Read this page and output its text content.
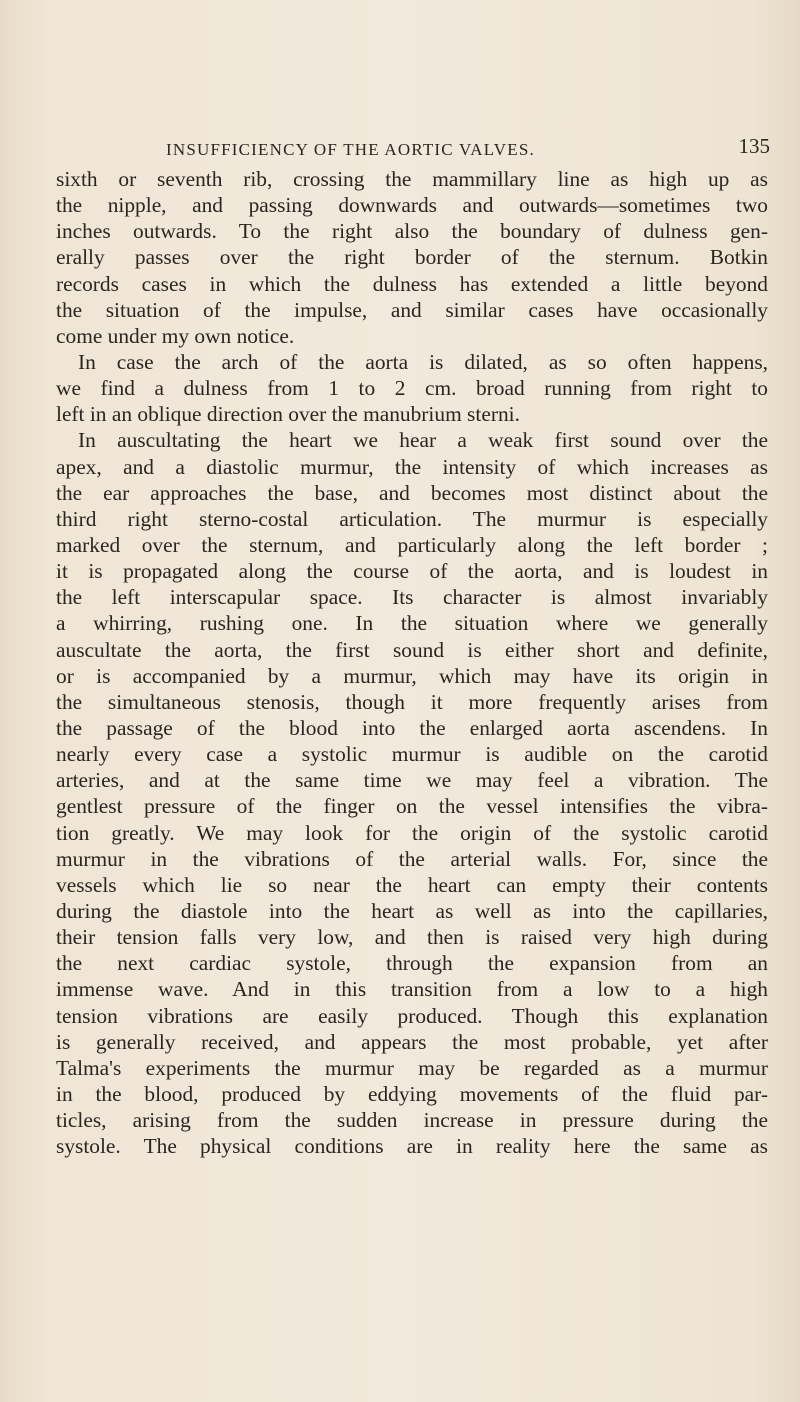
INSUFFICIENCY OF THE AORTIC VALVES.	135
sixth or seventh rib, crossing the mammillary line as high up as
the nipple, and passing downwards and outwards—sometimes two
inches outwards. To the right also the boundary of dulness gen-
erally passes over the right border of the sternum. Botkin
records cases in which the dulness has extended a little beyond
the situation of the impulse, and similar cases have occasionally
come under my own notice.
In case the arch of the aorta is dilated, as so often happens,
we find a dulness from 1 to 2 cm. broad running from right to
left in an oblique direction over the manubrium sterni.
In auscultating the heart we hear a weak first sound over the
apex, and a diastolic murmur, the intensity of which increases as
the ear approaches the base, and becomes most distinct about the
third right sterno-costal articulation. The murmur is especially
marked over the sternum, and particularly along the left border ;
it is propagated along the course of the aorta, and is loudest in
the left interscapular space. Its character is almost invariably
a whirring, rushing one. In the situation where we generally
auscultate the aorta, the first sound is either short and definite,
or is accompanied by a murmur, which may have its origin in
the simultaneous stenosis, though it more frequently arises from
the passage of the blood into the enlarged aorta ascendens. In
nearly every case a systolic murmur is audible on the carotid
arteries, and at the same time we may feel a vibration. The
gentlest pressure of the finger on the vessel intensifies the vibra-
tion greatly. We may look for the origin of the systolic carotid
murmur in the vibrations of the arterial walls. For, since the
vessels which lie so near the heart can empty their contents
during the diastole into the heart as well as into the capillaries,
their tension falls very low, and then is raised very high during
the next cardiac systole, through the expansion from an
immense wave. And in this transition from a low to a high
tension vibrations are easily produced. Though this explanation
is generally received, and appears the most probable, yet after
Talma's experiments the murmur may be regarded as a murmur
in the blood, produced by eddying movements of the fluid par-
ticles, arising from the sudden increase in pressure during the
systole. The physical conditions are in reality here the same as
